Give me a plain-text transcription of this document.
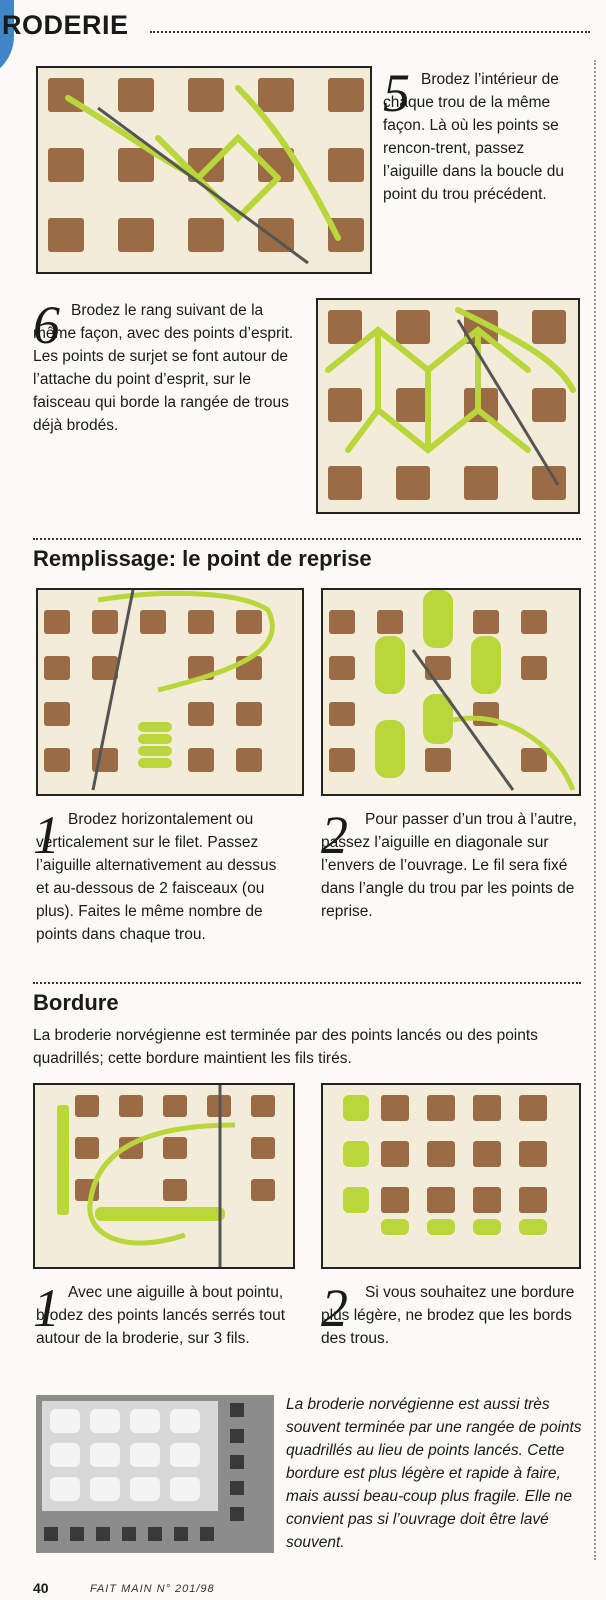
RODERIE
5 Brodez l’intérieur de chaque trou de la même façon. Là où les points se rencon-trent, passez l’aiguille dans la boucle du point du trou précédent.
6 Brodez le rang suivant de la même façon, avec des points d’esprit. Les points de surjet se font autour de l’attache du point d’esprit, sur le faisceau qui borde la rangée de trous déjà brodés.
Remplissage: le point de reprise
1 Brodez horizontalement ou verticalement sur le filet. Passez l’aiguille alternativement au dessus et au-dessous de 2 faisceaux (ou plus). Faites le même nombre de points dans chaque trou.
2	Pour passer d’un trou à l’autre, passez l’aiguille en diagonale sur l’envers de l’ouvrage. Le fil sera fixé dans l’angle du trou par les points de reprise.
Bordure
La broderie norvégienne est terminée par des points lancés ou des points quadrillés; cette bordure maintient les fils tirés.
1 Avec une aiguille à bout pointu, brodez des points lancés serrés tout autour de la broderie, sur 3 fils.
2	Si vous souhaitez une bordure plus légère, ne brodez que les bords des trous.
La broderie norvégienne est aussi très souvent terminée par une rangée de points quadrillés au lieu de points lancés. Cette bordure est plus légère et rapide à faire, mais aussi beau-coup plus fragile. Elle ne convient pas si l’ouvrage doit être lavé souvent.
40	FAIT MAIN N° 201/98
